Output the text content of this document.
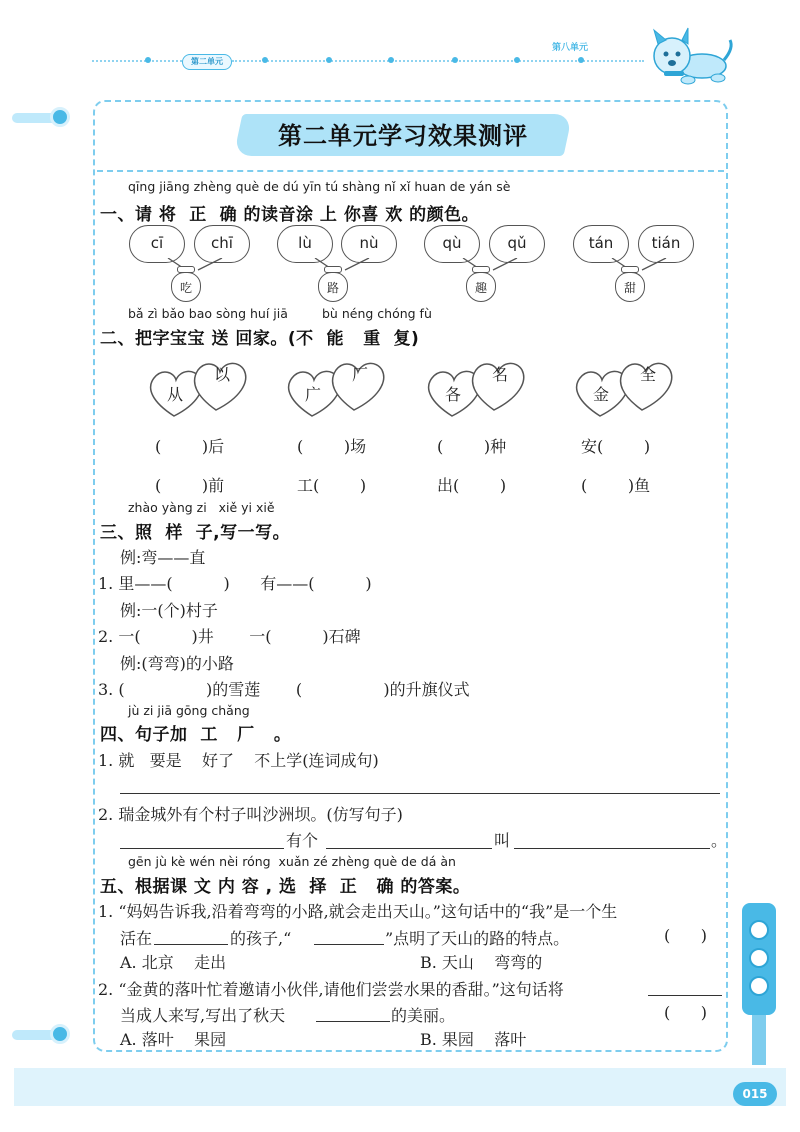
第二单元
第八单元
第二单元学习效果测评
015
qīng jiāng zhèng què de dú yīn tú shàng nǐ xǐ huan de yán sè
一、请 将  正  确 的读音涂 上 你喜 欢 的颜色。
cī	chī
吃
lù	nù
路
qù	qǔ
趣
tán	tián
甜
bǎ zì bǎo bao sòng huí jiā	bù néng chóng fù
二、把字宝宝 送 回家。(不  能   重  复)
从
以
广
厂
各
名
金
全
(        )后	(        )场	(        )种	安(        )
(        )前	工(        )	出(        )	(        )鱼
zhào yàng zi   xiě yi xiě
三、照  样  子,写一写。
例:弯——直
1. 里——(          )      有——(          )
例:一(个)村子
2. 一(          )井       一(          )石碑
例:(弯弯)的小路
3. (                )的雪莲       (                )的升旗仪式
jù zi jiā gōng chǎng
四、句子加  工   厂   。
1. 就   要是    好了    不上学(连词成句)
2. 瑞金城外有个村子叫沙洲坝。(仿写句子)
有个	叫	。
gēn jù kè wén nèi róng  xuǎn zé zhèng què de dá àn
五、根据课 文 内 容 , 选  择  正   确 的答案。
1. “妈妈告诉我,沿着弯弯的小路,就会走出天山。”这句话中的“我”是一个生
活在	的孩子,“	”点明了天山的路的特点。	(      )
A. 北京    走出	B. 天山    弯弯的
2. “金黄的落叶忙着邀请小伙伴,请他们尝尝水果的香甜。”这句话将
当成人来写,写出了秋天	的美丽。	(      )
A. 落叶    果园	B. 果园    落叶
